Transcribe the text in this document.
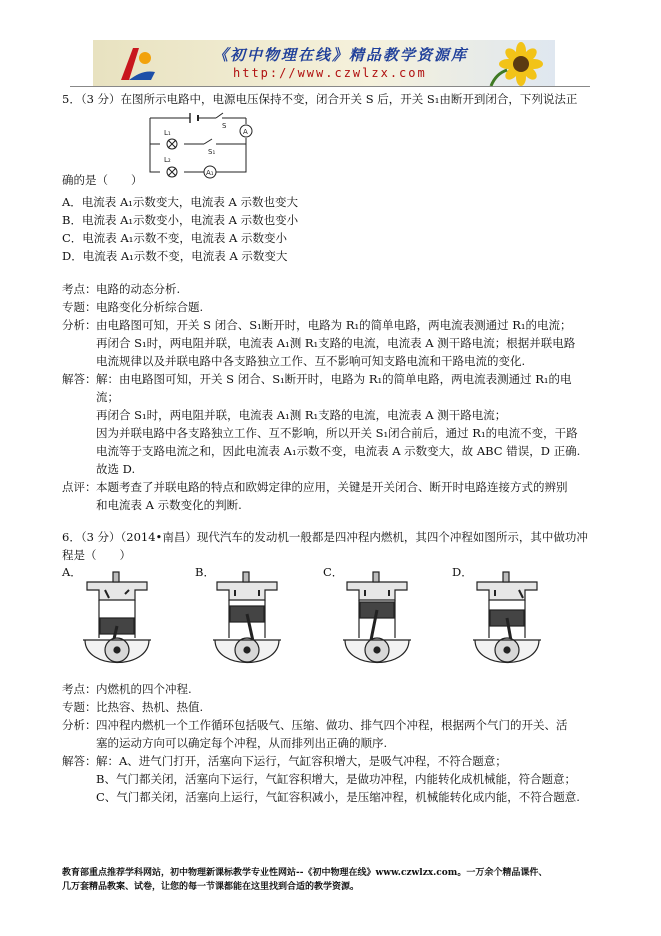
《初中物理在线》精品教学资源库
http://www.czwlzx.com
5．（3 分）在图所示电路中，电源电压保持不变，闭合开关 S 后，开关 S₁由断开到闭合，下列说法正
L₁
L₂
S
S₁
A
A₁
确的是（　　）
A．电流表 A₁示数变大，电流表 A 示数也变大
B．电流表 A₁示数变小，电流表 A 示数也变小
C．电流表 A₁示数不变，电流表 A 示数变小
D．电流表 A₁示数不变，电流表 A 示数变大
考点： 电路的动态分析.
专题： 电路变化分析综合题.
分析： 由电路图可知，开关 S 闭合、S₁断开时，电路为 R₁的简单电路，两电流表测通过 R₁的电流；
再闭合 S₁时，两电阻并联，电流表 A₁测 R₁支路的电流，电流表 A 测干路电流；根据并联电路
电流规律以及并联电路中各支路独立工作、互不影响可知支路电流和干路电流的变化.
解答： 解：由电路图可知，开关 S 闭合、S₁断开时，电路为 R₁的简单电路，两电流表测通过 R₁的电
流；
再闭合 S₁时，两电阻并联，电流表 A₁测 R₁支路的电流，电流表 A 测干路电流；
因为并联电路中各支路独立工作、互不影响，所以开关 S₁闭合前后，通过 R₁的电流不变，干路
电流等于支路电流之和，因此电流表 A₁示数不变，电流表 A 示数变大，故 ABC 错误，D 正确.
故选 D.
点评： 本题考查了并联电路的特点和欧姆定律的应用，关键是开关闭合、断开时电路连接方式的辨别
和电流表 A 示数变化的判断.
6．（3 分）（2014•南昌）现代汽车的发动机一般都是四冲程内燃机，其四个冲程如图所示，其中做功冲
程是（　　）
A．	B．	C．	D．
考点： 内燃机的四个冲程.
专题： 比热容、热机、热值.
分析： 四冲程内燃机一个工作循环包括吸气、压缩、做功、排气四个冲程，根据两个气门的开关、活
塞的运动方向可以确定每个冲程，从而排列出正确的顺序.
解答： 解：A、进气门打开，活塞向下运行，气缸容积增大，是吸气冲程，不符合题意；
B、气门都关闭，活塞向下运行，气缸容积增大，是做功冲程，内能转化成机械能，符合题意；
C、气门都关闭，活塞向上运行，气缸容积减小，是压缩冲程，机械能转化成内能，不符合题意.
教育部重点推荐学科网站，初中物理新课标教学专业性网站--《初中物理在线》www.czwlzx.com。一万余个精品课件、
几万套精品教案、试卷，让您的每一节课都能在这里找到合适的教学资源。
